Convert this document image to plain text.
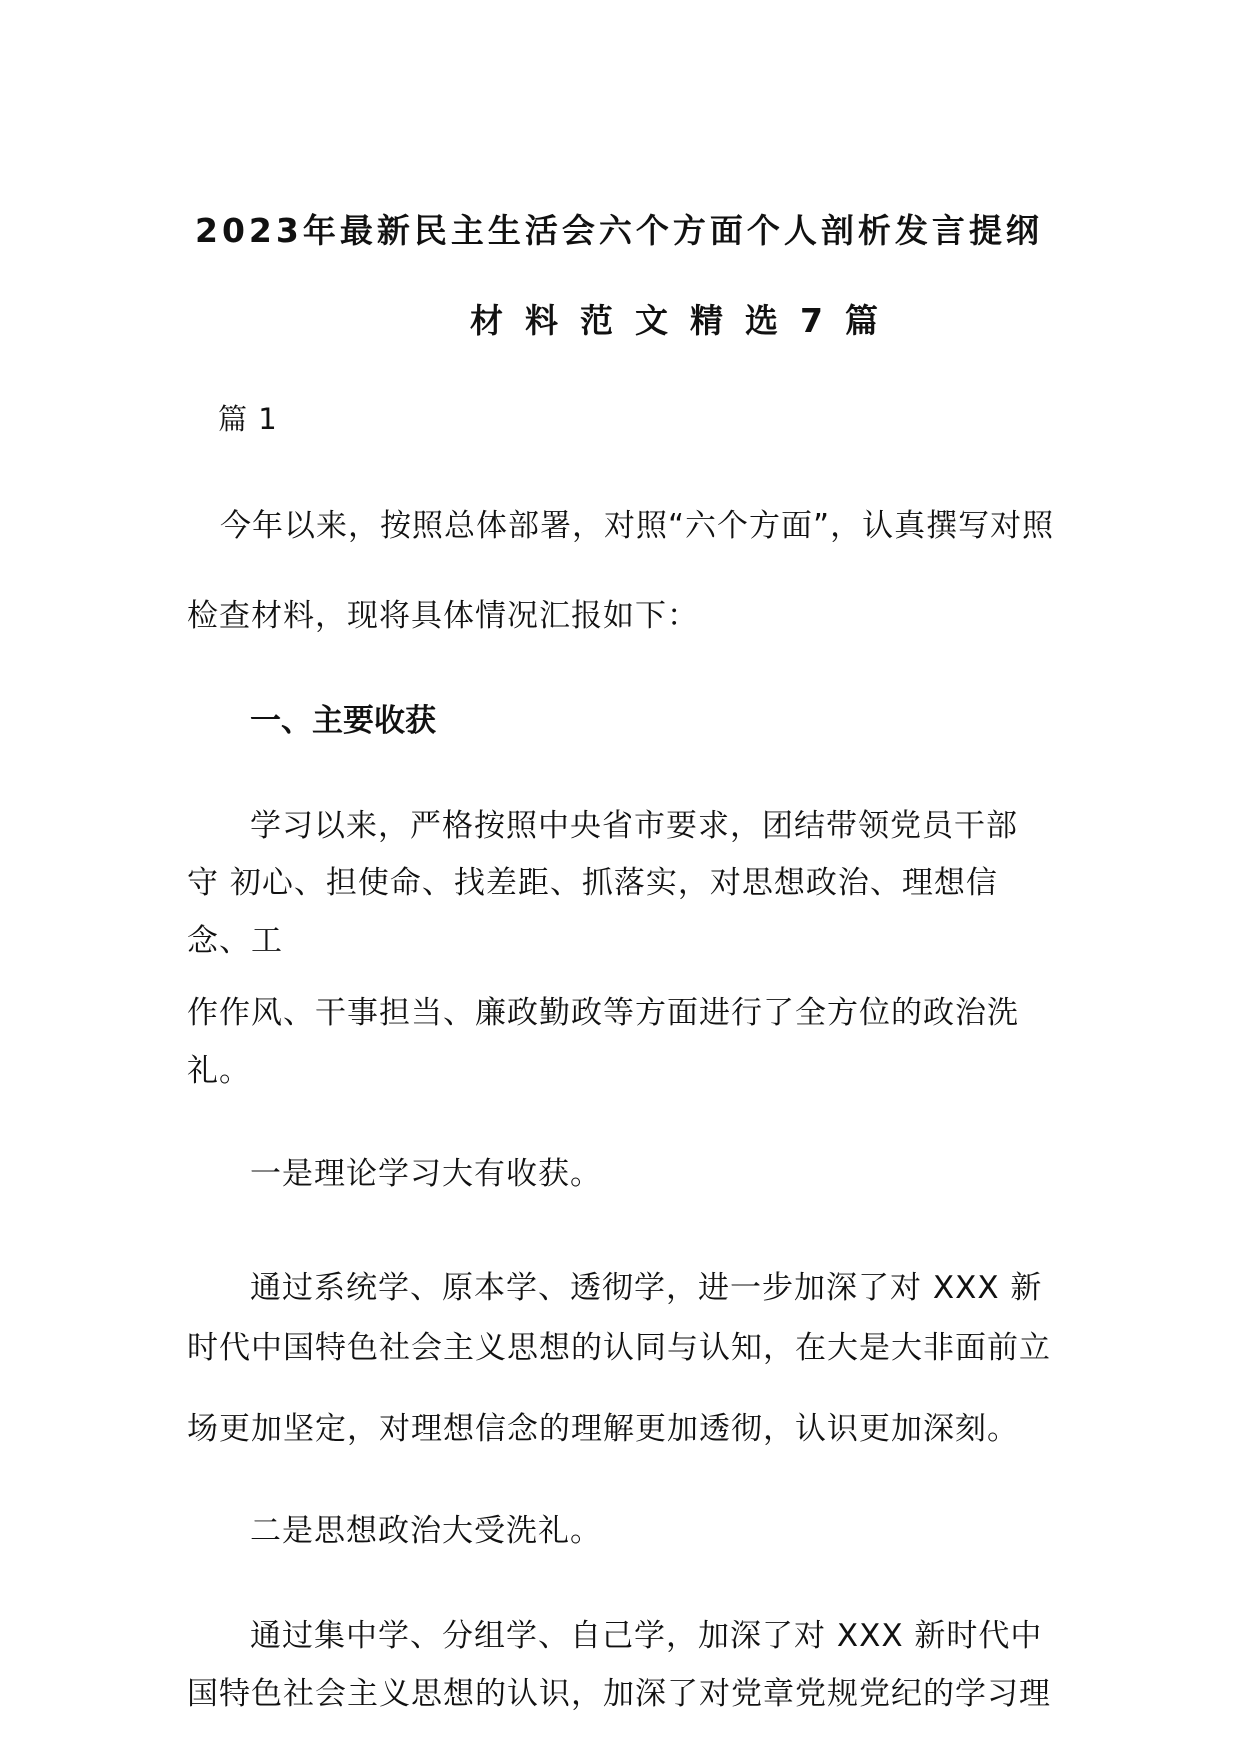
2023年最新民主生活会六个方面个人剖析发言提纲

材料范文精选7篇

篇 1

今年以来，按照总体部署，对照“六个方面”，认真撰写对照

检查材料，现将具体情况汇报如下：

一、主要收获

学习以来，严格按照中央省市要求，团结带领党员干部

守 初心、担使命、找差距、抓落实，对思想政治、理想信

念、工

作作风、干事担当、廉政勤政等方面进行了全方位的政治洗

礼。

一是理论学习大有收获。

通过系统学、原本学、透彻学，进一步加深了对 XXX 新

时代中国特色社会主义思想的认同与认知，在大是大非面前立

场更加坚定，对理想信念的理解更加透彻，认识更加深刻。

二是思想政治大受洗礼。

通过集中学、分组学、自己学，加深了对 XXX 新时代中

国特色社会主义思想的认识，加深了对党章党规党纪的学习理
